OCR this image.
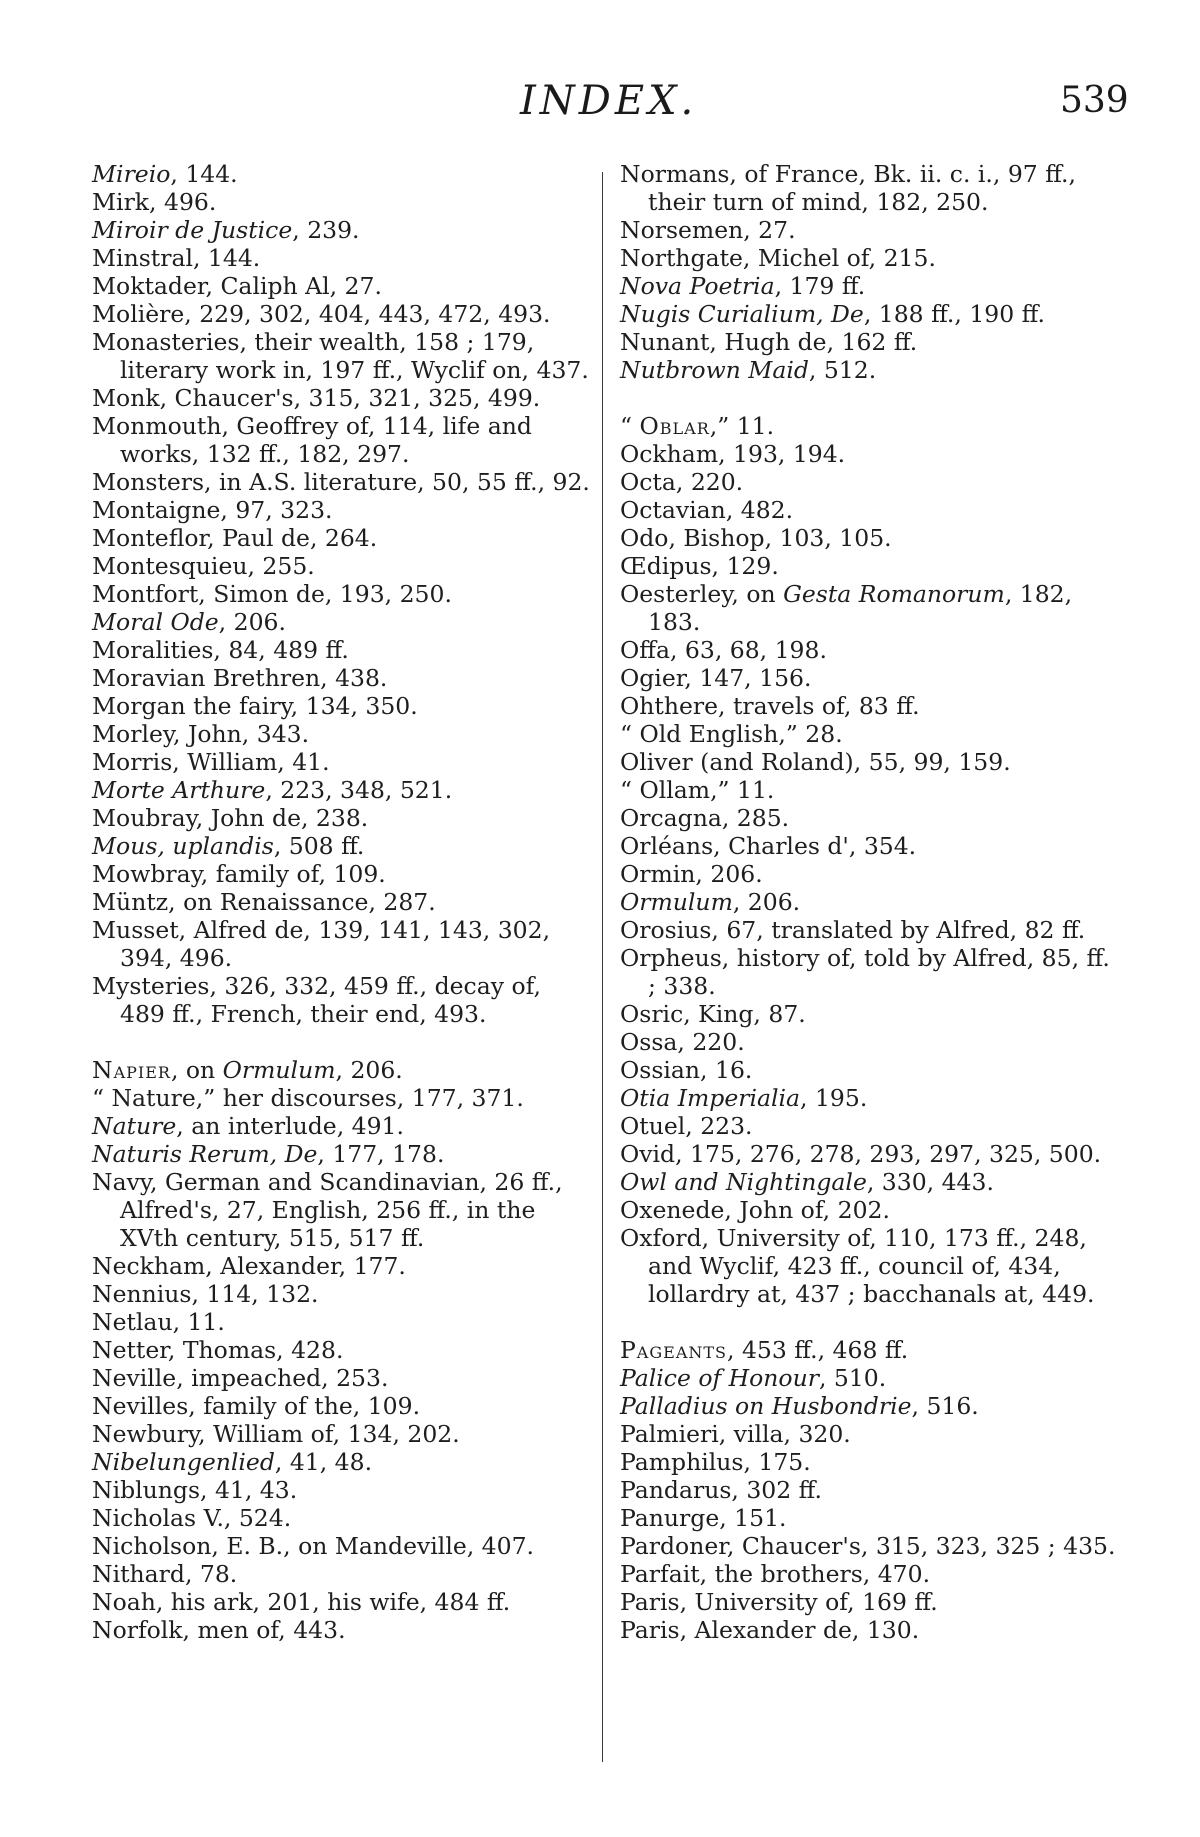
INDEX.	539
Mireio, 144.
Mirk, 496.
Miroir de Justice, 239.
Minstral, 144.
Moktader, Caliph Al, 27.
Molière, 229, 302, 404, 443, 472, 493.
Monasteries, their wealth, 158 ; 179, literary work in, 197 ff., Wyclif on, 437.
Monk, Chaucer's, 315, 321, 325, 499.
Monmouth, Geoffrey of, 114, life and works, 132 ff., 182, 297.
Monsters, in A.S. literature, 50, 55 ff., 92.
Montaigne, 97, 323.
Monteflor, Paul de, 264.
Montesquieu, 255.
Montfort, Simon de, 193, 250.
Moral Ode, 206.
Moralities, 84, 489 ff.
Moravian Brethren, 438.
Morgan the fairy, 134, 350.
Morley, John, 343.
Morris, William, 41.
Morte Arthure, 223, 348, 521.
Moubray, John de, 238.
Mous, uplandis, 508 ff.
Mowbray, family of, 109.
Müntz, on Renaissance, 287.
Musset, Alfred de, 139, 141, 143, 302, 394, 496.
Mysteries, 326, 332, 459 ff., decay of, 489 ff., French, their end, 493.
Napier, on Ormulum, 206.
“ Nature,” her discourses, 177, 371.
Nature, an interlude, 491.
Naturis Rerum, De, 177, 178.
Navy, German and Scandinavian, 26 ff., Alfred's, 27, English, 256 ff., in the XVth century, 515, 517 ff.
Neckham, Alexander, 177.
Nennius, 114, 132.
Netlau, 11.
Netter, Thomas, 428.
Neville, impeached, 253.
Nevilles, family of the, 109.
Newbury, William of, 134, 202.
Nibelungenlied, 41, 48.
Niblungs, 41, 43.
Nicholas V., 524.
Nicholson, E. B., on Mandeville, 407.
Nithard, 78.
Noah, his ark, 201, his wife, 484 ff.
Norfolk, men of, 443.
Normans, of France, Bk. ii. c. i., 97 ff., their turn of mind, 182, 250.
Norsemen, 27.
Northgate, Michel of, 215.
Nova Poetria, 179 ff.
Nugis Curialium, De, 188 ff., 190 ff.
Nunant, Hugh de, 162 ff.
Nutbrown Maid, 512.
“ Oblar,” 11.
Ockham, 193, 194.
Octa, 220.
Octavian, 482.
Odo, Bishop, 103, 105.
Œdipus, 129.
Oesterley, on Gesta Romanorum, 182, 183.
Offa, 63, 68, 198.
Ogier, 147, 156.
Ohthere, travels of, 83 ff.
“ Old English,” 28.
Oliver (and Roland), 55, 99, 159.
“ Ollam,” 11.
Orcagna, 285.
Orléans, Charles d', 354.
Ormin, 206.
Ormulum, 206.
Orosius, 67, translated by Alfred, 82 ff.
Orpheus, history of, told by Alfred, 85, ff. ; 338.
Osric, King, 87.
Ossa, 220.
Ossian, 16.
Otia Imperialia, 195.
Otuel, 223.
Ovid, 175, 276, 278, 293, 297, 325, 500.
Owl and Nightingale, 330, 443.
Oxenede, John of, 202.
Oxford, University of, 110, 173 ff., 248, and Wyclif, 423 ff., council of, 434, lollardry at, 437 ; bacchanals at, 449.
Pageants, 453 ff., 468 ff.
Palice of Honour, 510.
Palladius on Husbondrie, 516.
Palmieri, villa, 320.
Pamphilus, 175.
Pandarus, 302 ff.
Panurge, 151.
Pardoner, Chaucer's, 315, 323, 325 ; 435.
Parfait, the brothers, 470.
Paris, University of, 169 ff.
Paris, Alexander de, 130.
